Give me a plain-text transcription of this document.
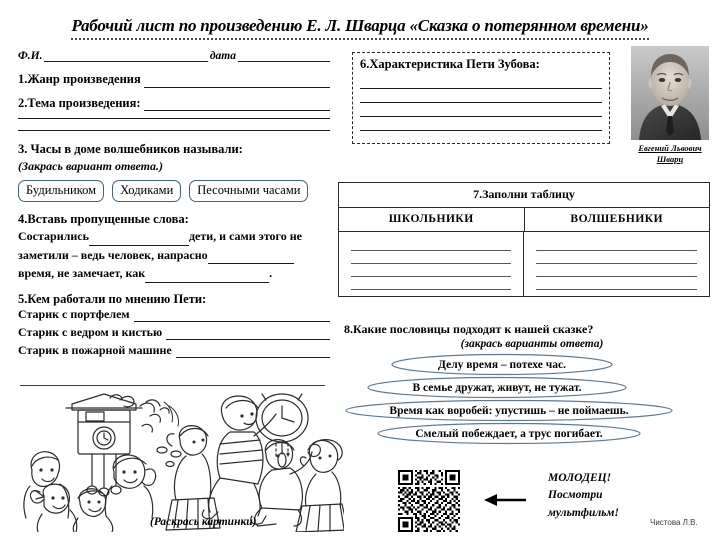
Рабочий лист по произведению Е. Л. Шварца «Сказка о потерянном времени»
Ф.И.	дата
1.Жанр произведения
2.Тема произведения:
3. Часы в доме волшебников называли:
(Закрась вариант ответа.)
Будильником	Ходиками	Песочными часами
4.Вставь пропущенные слова:
Состарились	дети, и сами этого не
заметили – ведь человек, напрасно
время, не замечает, как	.
5.Кем работали по мнению Пети:
Старик с портфелем
Старик с ведром и кистью
Старик в пожарной машине
(Раскрась картинки)
6.Характеристика Пети Зубова:
Евгений Львович
Шварц
7.Заполни таблицу
ШКОЛЬНИКИ	ВОЛШЕБНИКИ
8.Какие пословицы подходят к нашей сказке?
(закрась варианты ответа)
Делу время – потехе час.
В семье дружат, живут, не тужат.
Время как воробей: упустишь – не поймаешь.
Смелый побеждает, а трус погибает.
МОЛОДЕЦ!
Посмотри
мультфильм!
Чистова Л.В.
